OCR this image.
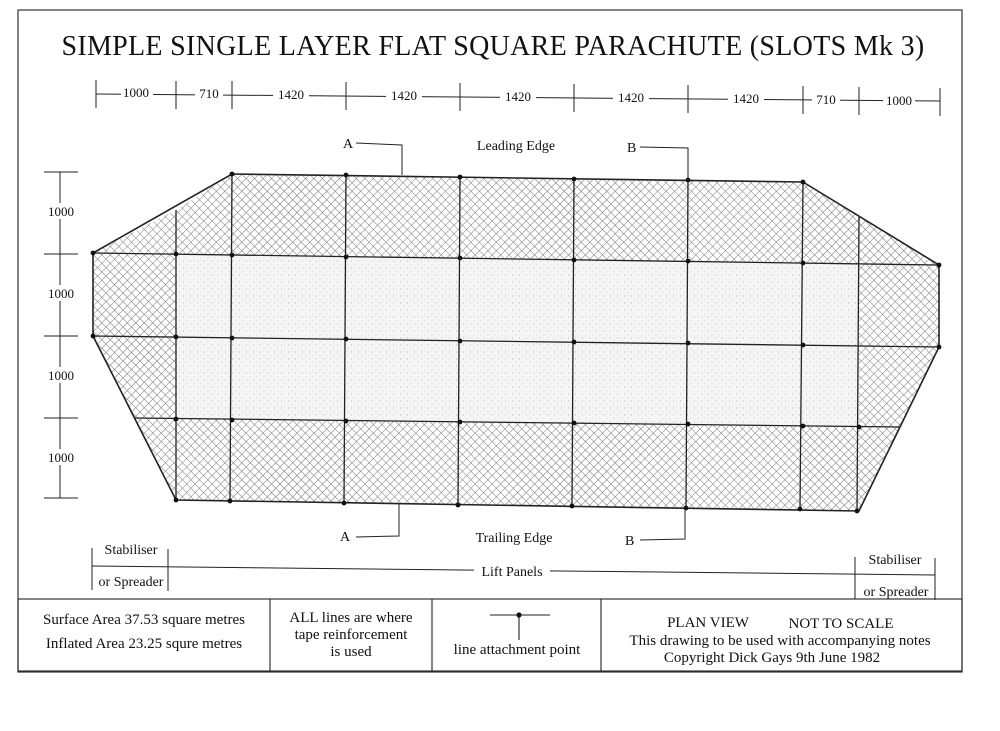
SIMPLE SINGLE LAYER FLAT SQUARE PARACHUTE (SLOTS Mk 3)
1000	710	1420	1420	1420	1420	1420	710	1000
1000
1000
1000
1000
A	B
A	B
Leading Edge
Trailing Edge
Stabiliser
or Spreader
Lift Panels
Stabiliser
or Spreader
Surface Area 37.53 square metres
Inflated Area 23.25 squre metres
ALL lines are where
tape reinforcement
is used	line attachment point
PLAN VIEW	NOT TO SCALE
This drawing to be used with accompanying notes
Copyright Dick Gays 9th June 1982
